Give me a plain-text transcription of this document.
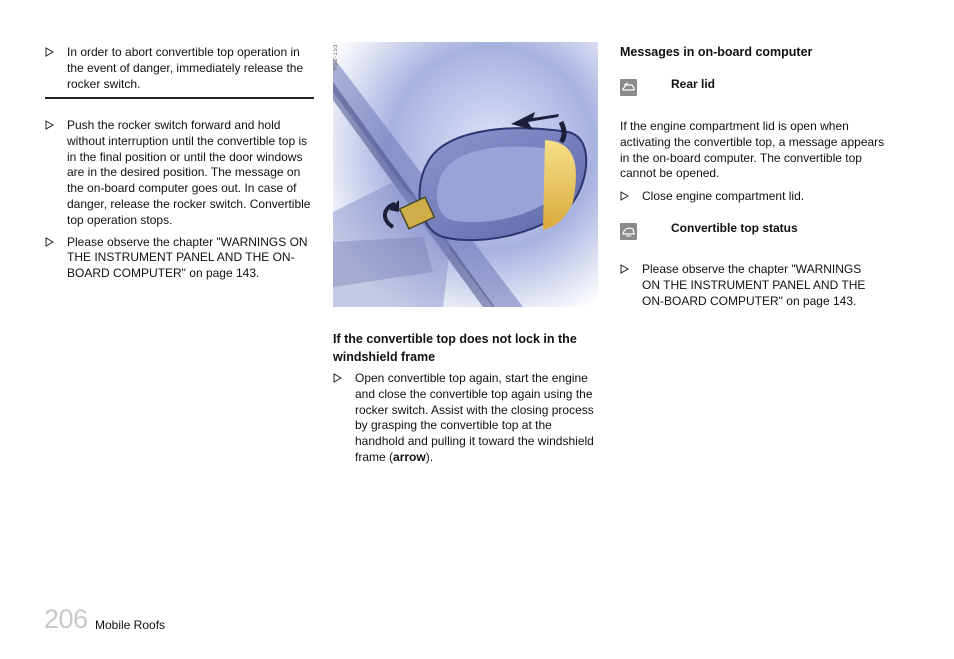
In order to abort convertible top operation in the event of danger, immediately release the rocker switch.
Push the rocker switch forward and hold without interruption until the convertible top is in the final position or until the door windows are in the desired position. The message on the on-board computer goes out. In case of danger, release the rocker switch. Convertible top operation stops.
Please observe the chapter "WARNINGS ON THE INSTRUMENT PANEL AND THE ON-BOARD COMPUTER" on page 143.
H91-153
If the convertible top does not lock in the windshield frame
Open convertible top again, start the engine and close the convertible top again using the rocker switch. Assist with the closing process by grasping the convertible top at the handhold and pulling it toward the windshield frame (arrow).
Messages in on-board computer
Rear lid
If the engine compartment lid is open when activating the convertible top, a message appears in the on-board computer. The convertible top cannot be opened.
Close engine compartment lid.
Convertible top status
Please observe the chapter "WARNINGS ON THE INSTRUMENT PANEL AND THE ON-BOARD COMPUTER" on page 143.
206 Mobile Roofs
